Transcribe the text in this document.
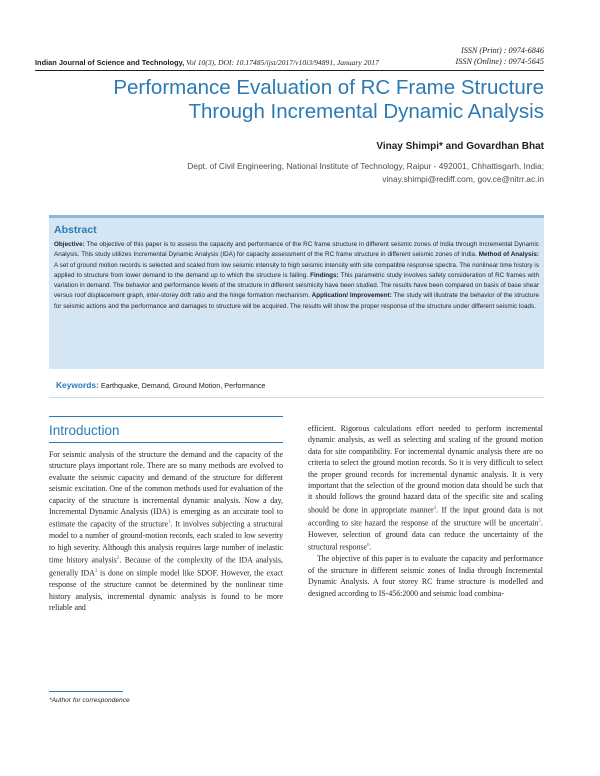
ISSN (Print) : 0974-6846
ISSN (Online) : 0974-5645
Indian Journal of Science and Technology, Vol 10(3), DOI: 10.17485/ijst/2017/v10i3/94891, January 2017
Performance Evaluation of RC Frame Structure
Through Incremental Dynamic Analysis
Vinay Shimpi* and Govardhan Bhat
Dept. of Civil Engineering, National Institute of Technology, Raipur - 492001, Chhattisgarh, India;
vinay.shimpi@rediff.com, gov.ce@nitrr.ac.in
Abstract
Objective: The objective of this paper is to assess the capacity and performance of the RC frame structure in different seismic zones of India through Incremental Dynamic Analysis. This study utilizes Incremental Dynamic Analysis (IDA) for capacity assessment of the RC frame structure in different seismic zones of India. Method of Analysis: A set of ground motion records is selected and scaled from low seismic intensity to high seismic intensity with site compatible response spectra. The nonlinear time history is applied to structure from lower demand to the demand up to which the structure is failing. Findings: This parametric study involves safety consideration of RC frames with variation in demand. The behavior and performance levels of the structure in different seismicity have been studied. The results have been compared on basis of base shear versus roof displacement graph, inter-storey drift ratio and the hinge formation mechanism. Application/ Improvement: The study will illustrate the behavior of the structure for seismic actions and the performance and damages to structure will be acquired. The results will show the proper response of the structure under different seismic loads.
Keywords: Earthquake, Demand, Ground Motion, Performance
Introduction

For seismic analysis of the structure the demand and the capacity of the structure plays important role. There are so many methods are evolved to evaluate the seismic capacity and demand of the structure for different seismic excitation. One of the common methods used for evaluation of the capacity of the structure is incremental dynamic analysis. Now a day, Incremental Dynamic Analysis (IDA) is emerging as an accurate tool to estimate the capacity of the structure$^1$. It involves subjecting a structural model to a number of ground-motion records, each scaled to low severity to high severity. Although this analysis requires large number of inelastic time history analysis$^2$. Because of the complexity of the IDA analysis, generally IDA$^3$ is done on simple model like SDOF. However, the exact response of the structure cannot be determined by the nonlinear time history analysis, incremental dynamic analysis is found to be more reliable and

efficient. Rigorous calculations effort needed to perform incremental dynamic analysis, as well as selecting and scaling of the ground motion data for site compatibility. For incremental dynamic analysis there are no criteria to select the ground motion records. So it is very difficult to select the proper ground records for incremental dynamic analysis. It is very important that the selection of the ground motion data should be such that it should follows the ground hazard data of the specific site and scaling should be done in appropriate manner$^4$. If the input ground data is not according to site hazard the response of the structure will be uncertain$^5$. However, selection of ground data can reduce the uncertainty of the structural response$^6$.

The objective of this paper is to evaluate the capacity and performance of the structure in different seismic zones of India through Incremental Dynamic Analysis. A four storey RC frame structure is modelled and designed according to IS-456:2000 and seismic load combina-

*Author for correspondence
